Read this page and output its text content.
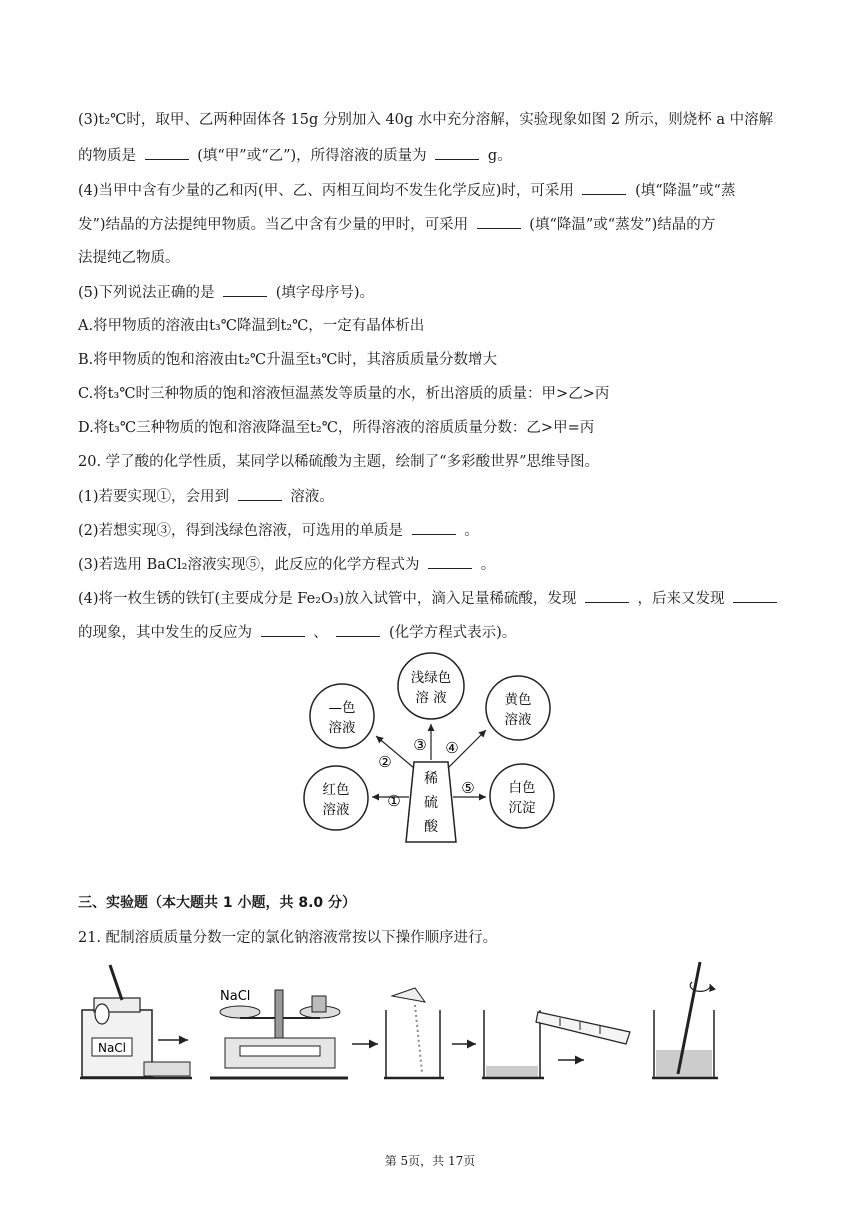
(3)t₂℃时，取甲、乙两种固体各 15g 分别加入 40g 水中充分溶解，实验现象如图 2 所示，则烧杯 a 中溶解
的物质是	(填“甲”或“乙”)，所得溶液的质量为	g。
(4)当甲中含有少量的乙和丙(甲、乙、丙相互间均不发生化学反应)时，可采用	(填“降温”或“蒸
发”)结晶的方法提纯甲物质。当乙中含有少量的甲时，可采用	(填“降温”或“蒸发”)结晶的方
法提纯乙物质。
(5)下列说法正确的是	(填字母序号)。
A.将甲物质的溶液由t₃℃降温到t₂℃，一定有晶体析出
B.将甲物质的饱和溶液由t₂℃升温至t₃℃时，其溶质质量分数增大
C.将t₃℃时三种物质的饱和溶液恒温蒸发等质量的水，析出溶质的质量：甲>乙>丙
D.将t₃℃三种物质的饱和溶液降温至t₂℃，所得溶液的溶质质量分数：乙>甲=丙
20. 学了酸的化学性质，某同学以稀硫酸为主题，绘制了“多彩酸世界”思维导图。
(1)若要实现①，会用到	溶液。
(2)若想实现③，得到浅绿色溶液，可选用的单质是	。
(3)若选用 BaCl₂溶液实现⑤，此反应的化学方程式为	。
(4)将一枚生锈的铁钉(主要成分是 Fe₂O₃)放入试管中，滴入足量稀硫酸，发现	，后来又发现
的现象，其中发生的反应为	、	(化学方程式表示)。
稀
硫
酸
浅绿色
溶 液
—色
溶液
黄色
溶液
红色
溶液
白色
沉淀
①
②
③ ④
⑤
三、实验题（本大题共 1 小题，共 8.0 分）
21. 配制溶质质量分数一定的氯化钠溶液常按以下操作顺序进行。
NaCl
NaCl
第 5页，共 17页
